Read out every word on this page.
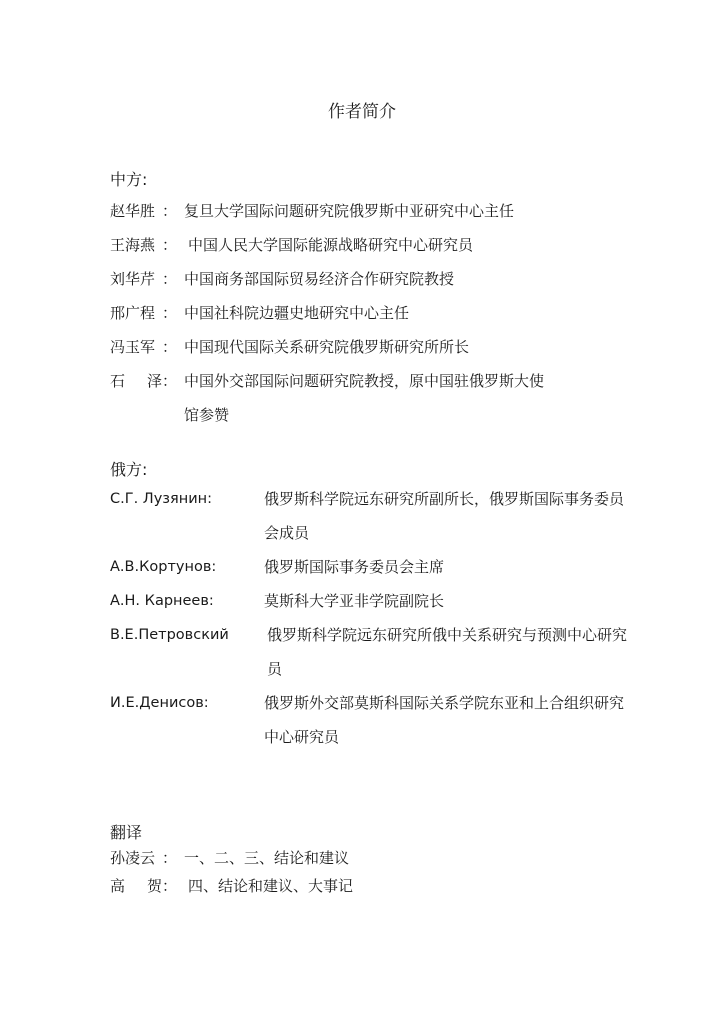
作者简介
中方:
赵华胜 ： 复旦大学国际问题研究院俄罗斯中亚研究中心主任
王海燕 ： 中国人民大学国际能源战略研究中心研究员
刘华芹 ： 中国商务部国际贸易经济合作研究院教授
邢广程 ： 中国社科院边疆史地研究中心主任
冯玉军 ： 中国现代国际关系研究院俄罗斯研究所所长
石 泽 ： 中国外交部国际问题研究院教授，原中国驻俄罗斯大使
馆参赞
俄方:
С.Г. Лузянин:	俄罗斯科学院远东研究所副所长，俄罗斯国际事务委员会成员
А.В.Кортунов:	俄罗斯国际事务委员会主席
А.Н. Карнеев:	莫斯科大学亚非学院副院长
В.Е.Петровский	俄罗斯科学院远东研究所俄中关系研究与预测中心研究员
И.Е.Денисов:	俄罗斯外交部莫斯科国际关系学院东亚和上合组织研究中心研究员
翻译
孙凌云 ： 一、二、三、结论和建议
高 贺 ： 四、结论和建议、大事记
